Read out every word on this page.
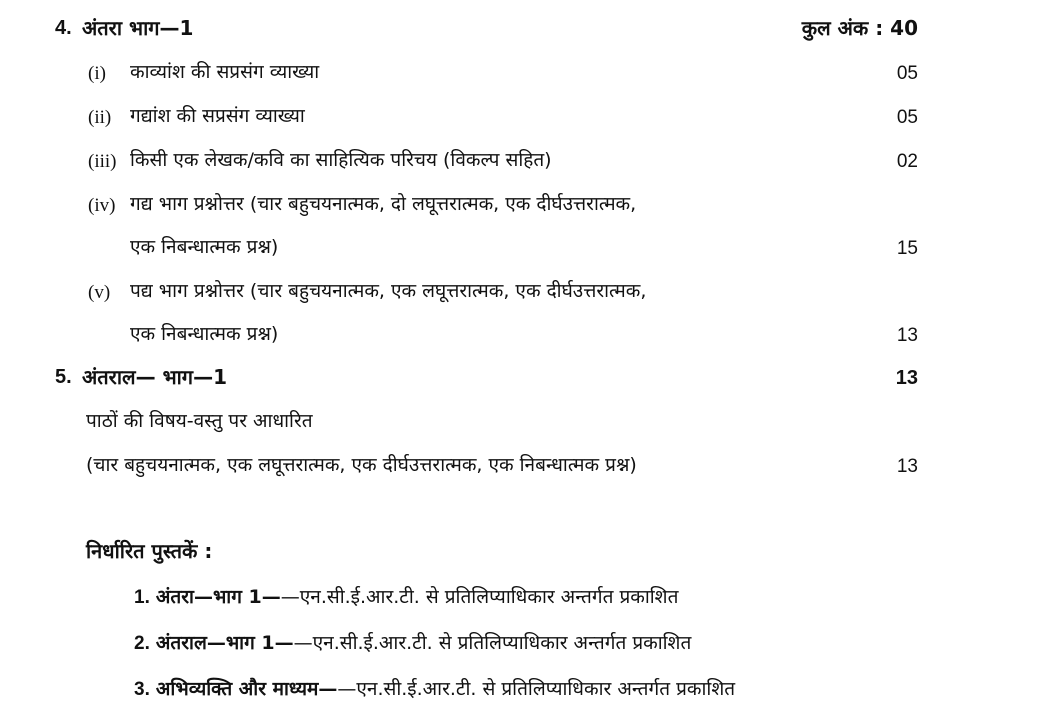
4. अंतरा भाग—1	कुल अंक : 40
(i) काव्यांश की सप्रसंग व्याख्या	05
(ii) गद्यांश की सप्रसंग व्याख्या	05
(iii) किसी एक लेखक/कवि का साहित्यिक परिचय (विकल्प सहित)	02
(iv) गद्य भाग प्रश्नोत्तर (चार बहुचयनात्मक, दो लघूत्तरात्मक, एक दीर्घउत्तरात्मक,
एक निबन्धात्मक प्रश्न)	15
(v) पद्य भाग प्रश्नोत्तर (चार बहुचयनात्मक, एक लघूत्तरात्मक, एक दीर्घउत्तरात्मक,
एक निबन्धात्मक प्रश्न)	13
5. अंतराल— भाग—1	13
पाठों की विषय-वस्तु पर आधारित
(चार बहुचयनात्मक, एक लघूत्तरात्मक, एक दीर्घउत्तरात्मक, एक निबन्धात्मक प्रश्न)	13
निर्धारित पुस्तकें :
1. अंतरा—भाग 1——एन.सी.ई.आर.टी. से प्रतिलिप्याधिकार अन्तर्गत प्रकाशित
2. अंतराल—भाग 1——एन.सी.ई.आर.टी. से प्रतिलिप्याधिकार अन्तर्गत प्रकाशित
3. अभिव्यक्ति और माध्यम——एन.सी.ई.आर.टी. से प्रतिलिप्याधिकार अन्तर्गत प्रकाशित
